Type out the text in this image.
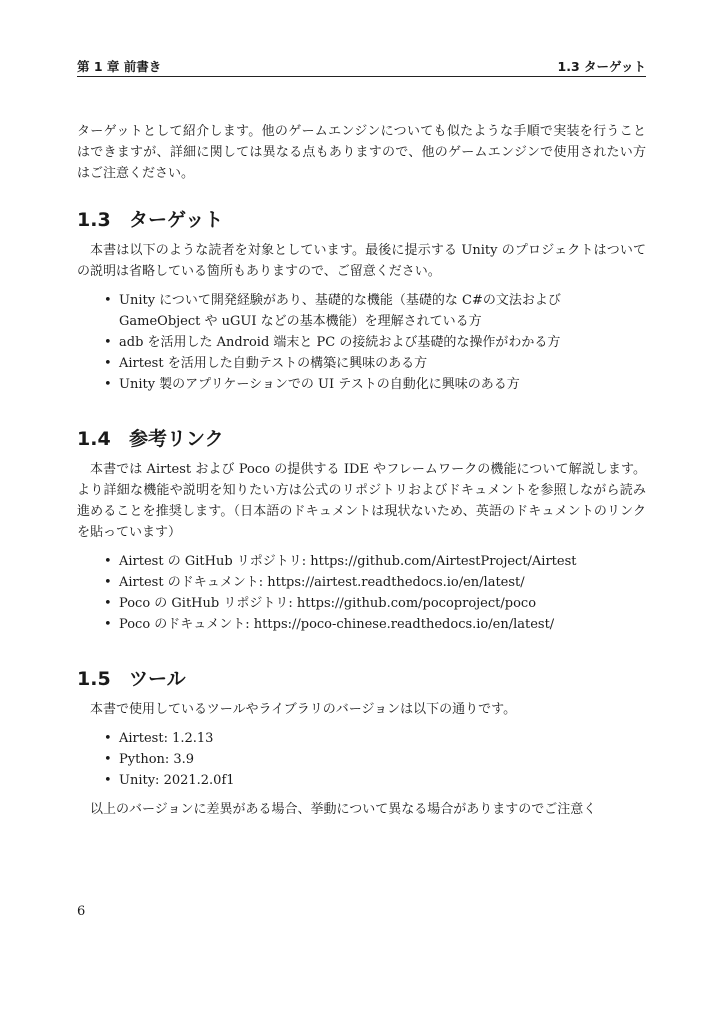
第 1 章 前書き	1.3 ターゲット

ターゲットとして紹介します。他のゲームエンジンについても似たような手順で実装を行うことはできますが、詳細に関しては異なる点もありますので、他のゲームエンジンで使用されたい方はご注意ください。

1.3 ターゲット

本書は以下のような読者を対象としています。最後に提示する Unity のプロジェクトはついての説明は省略している箇所もありますので、ご留意ください。

• Unity について開発経験があり、基礎的な機能（基礎的な C#の文法および GameObject や uGUI などの基本機能）を理解されている方
• adb を活用した Android 端末と PC の接続および基礎的な操作がわかる方
• Airtest を活用した自動テストの構築に興味のある方
• Unity 製のアプリケーションでの UI テストの自動化に興味のある方
1.4 参考リンク

本書では Airtest および Poco の提供する IDE やフレームワークの機能について解説します。より詳細な機能や説明を知りたい方は公式のリポジトリおよびドキュメントを参照しながら読み進めることを推奨します。（日本語のドキュメントは現状ないため、英語のドキュメントのリンクを貼っています）

• Airtest の GitHub リポジトリ: https://github.com/AirtestProject/Airtest
• Airtest のドキュメント: https://airtest.readthedocs.io/en/latest/
• Poco の GitHub リポジトリ: https://github.com/pocoproject/poco
• Poco のドキュメント: https://poco-chinese.readthedocs.io/en/latest/
1.5 ツール

本書で使用しているツールやライブラリのバージョンは以下の通りです。

• Airtest: 1.2.13
• Python: 3.9
• Unity: 2021.2.0f1

以上のバージョンに差異がある場合、挙動について異なる場合がありますのでご注意く

6
